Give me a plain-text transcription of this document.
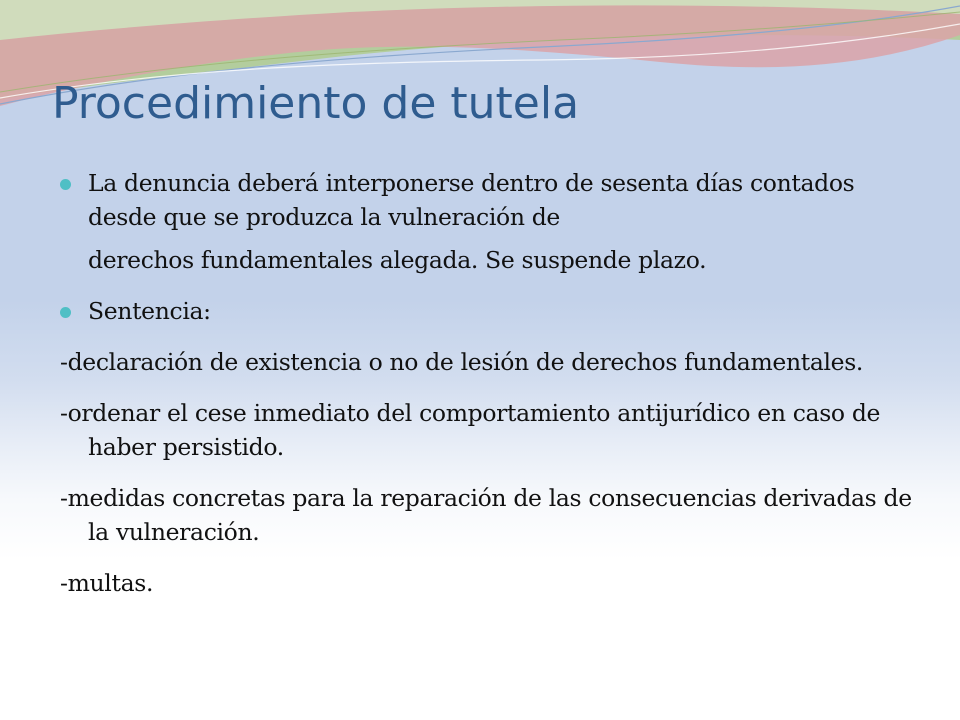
Procedimiento de tutela
La denuncia deberá interponerse dentro de sesenta días contados desde que se produzca la vulneración de
derechos fundamentales alegada. Se suspende plazo.
Sentencia:
-declaración de existencia o no de lesión de derechos fundamentales.
-ordenar el cese inmediato del comportamiento antijurídico en caso de haber persistido.
-medidas concretas para la reparación de las consecuencias derivadas de la vulneración.
-multas.
